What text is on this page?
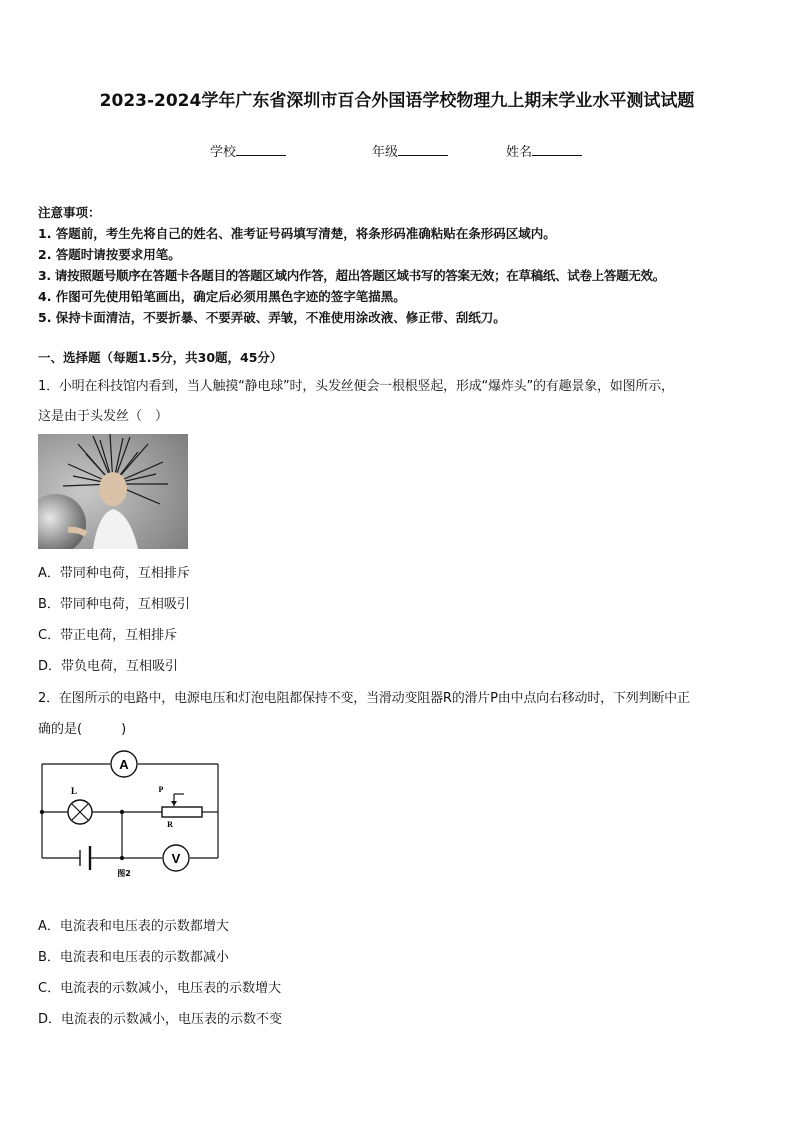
2023-2024学年广东省深圳市百合外国语学校物理九上期末学业水平测试试题
学校	年级	姓名
注意事项：
1. 答题前，考生先将自己的姓名、准考证号码填写清楚，将条形码准确粘贴在条形码区域内。
2. 答题时请按要求用笔。
3. 请按照题号顺序在答题卡各题目的答题区域内作答，超出答题区域书写的答案无效；在草稿纸、试卷上答题无效。
4. 作图可先使用铅笔画出，确定后必须用黑色字迹的签字笔描黑。
5. 保持卡面清洁，不要折暴、不要弄破、弄皱，不准使用涂改液、修正带、刮纸刀。
一、选择题（每题1.5分，共30题，45分）
1．小明在科技馆内看到，当人触摸“静电球”时，头发丝便会一根根竖起，形成“爆炸头”的有趣景象，如图所示，
这是由于头发丝（　）
A．带同种电荷，互相排斥
B．带同种电荷，互相吸引
C．带正电荷，互相排斥
D．带负电荷，互相吸引
2．在图所示的电路中，电源电压和灯泡电阻都保持不变，当滑动变阻器R的滑片P由中点向右移动时，下列判断中正
确的是(　　　)
A
L	P
R
V
图2
A．电流表和电压表的示数都增大
B．电流表和电压表的示数都减小
C．电流表的示数减小，电压表的示数增大
D．电流表的示数减小，电压表的示数不变
